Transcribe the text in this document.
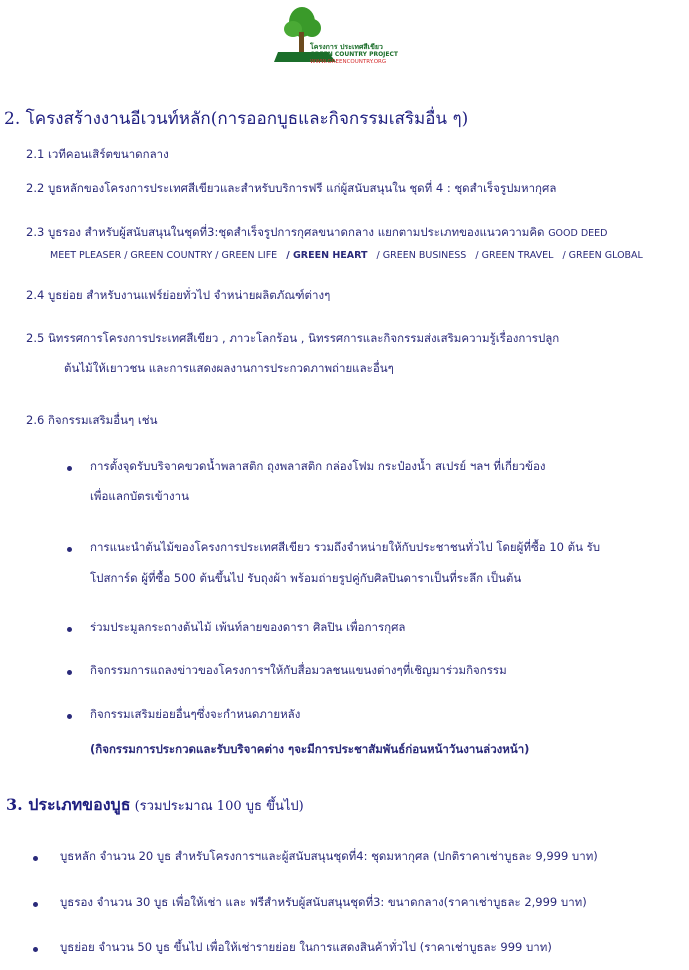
โครงการ ประเทศสีเขียว
GREEN COUNTRY PROJECT
WWW.GREENCOUNTRY.ORG
2. โครงสร้างงานอีเวนท์หลัก(การออกบูธและกิจกรรมเสริมอื่น ๆ)
2.1 เวทีคอนเสิร์ตขนาดกลาง
2.2 บูธหลักของโครงการประเทศสีเขียวและสำหรับบริการฟรี แก่ผู้สนับสนุนใน ชุดที่ 4 : ชุดสำเร็จรูปมหากุศล
2.3 บูธรอง สำหรับผู้สนับสนุนในชุดที่3:ชุดสำเร็จรูปการกุศลขนาดกลาง แยกตามประเภทของแนวความคิด GOOD DEED
MEET PLEASER / GREEN COUNTRY / GREEN LIFE / GREEN HEART / GREEN BUSINESS / GREEN TRAVEL / GREEN GLOBAL
2.4 บูธย่อย สำหรับงานแฟร์ย่อยทั่วไป จำหน่ายผลิตภัณฑ์ต่างๆ
2.5 นิทรรศการโครงการประเทศสีเขียว , ภาวะโลกร้อน , นิทรรศการและกิจกรรมส่งเสริมความรู้เรื่องการปลูก
ต้นไม้ให้เยาวชน และการแสดงผลงานการประกวดภาพถ่ายและอื่นๆ
2.6 กิจกรรมเสริมอื่นๆ เช่น
การตั้งจุดรับบริจาคขวดน้ำพลาสติก ถุงพลาสติก กล่องโฟม กระป๋องน้ำ สเปรย์ ฯลฯ ที่เกี่ยวข้อง
เพื่อแลกบัตรเข้างาน
การแนะนำต้นไม้ของโครงการประเทศสีเขียว รวมถึงจำหน่ายให้กับประชาชนทั่วไป โดยผู้ที่ซื้อ 10 ต้น รับ
โปสการ์ด ผู้ที่ซื้อ 500 ต้นขึ้นไป รับถุงผ้า พร้อมถ่ายรูปคู่กับศิลปินดาราเป็นที่ระลึก เป็นต้น
ร่วมประมูลกระถางต้นไม้ เพ้นท์ลายของดารา ศิลปิน เพื่อการกุศล
กิจกรรมการแถลงข่าวของโครงการฯให้กับสื่อมวลชนแขนงต่างๆที่เชิญมาร่วมกิจกรรม
กิจกรรมเสริมย่อยอื่นๆซึ่งจะกำหนดภายหลัง
(กิจกรรมการประกวดและรับบริจาคต่าง ๆจะมีการประชาสัมพันธ์ก่อนหน้าวันงานล่วงหน้า)
3. ประเภทของบูธ (รวมประมาณ 100 บูธ ขึ้นไป)
บูธหลัก จำนวน 20 บูธ สำหรับโครงการฯและผู้สนับสนุนชุดที่4: ชุดมหากุศล (ปกติราคาเช่าบูธละ 9,999 บาท)
บูธรอง จำนวน 30 บูธ เพื่อให้เช่า และ ฟรีสำหรับผู้สนับสนุนชุดที่3: ขนาดกลาง(ราคาเช่าบูธละ 2,999 บาท)
บูธย่อย จำนวน 50 บูธ ขึ้นไป เพื่อให้เช่ารายย่อย ในการแสดงสินค้าทั่วไป (ราคาเช่าบูธละ 999 บาท)
